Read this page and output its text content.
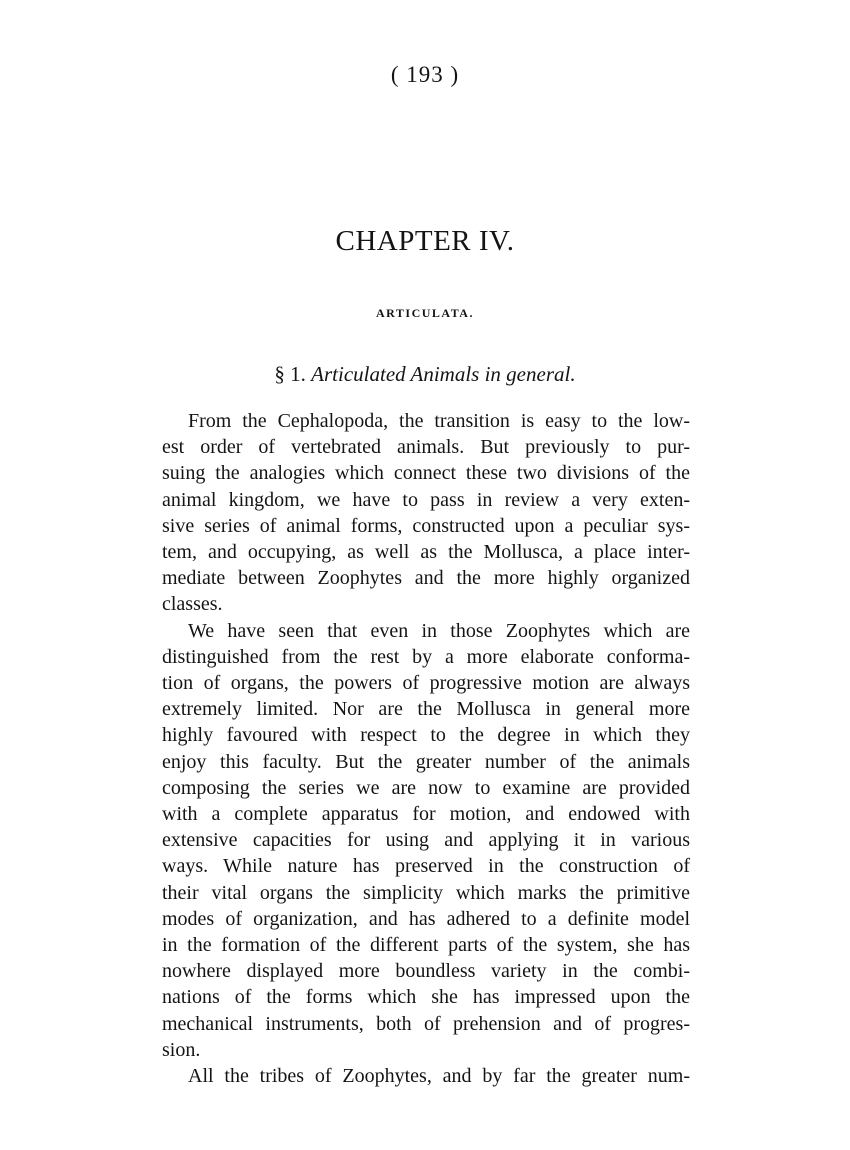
( 193 )
CHAPTER IV.
ARTICULATA.
§ 1. Articulated Animals in general.
From the Cephalopoda, the transition is easy to the low-
est order of vertebrated animals. But previously to pur-
suing the analogies which connect these two divisions of the
animal kingdom, we have to pass in review a very exten-
sive series of animal forms, constructed upon a peculiar sys-
tem, and occupying, as well as the Mollusca, a place inter-
mediate between Zoophytes and the more highly organized
classes.
We have seen that even in those Zoophytes which are
distinguished from the rest by a more elaborate conforma-
tion of organs, the powers of progressive motion are always
extremely limited. Nor are the Mollusca in general more
highly favoured with respect to the degree in which they
enjoy this faculty. But the greater number of the animals
composing the series we are now to examine are provided
with a complete apparatus for motion, and endowed with
extensive capacities for using and applying it in various
ways. While nature has preserved in the construction of
their vital organs the simplicity which marks the primitive
modes of organization, and has adhered to a definite model
in the formation of the different parts of the system, she has
nowhere displayed more boundless variety in the combi-
nations of the forms which she has impressed upon the
mechanical instruments, both of prehension and of progres-
sion.
All the tribes of Zoophytes, and by far the greater num-
